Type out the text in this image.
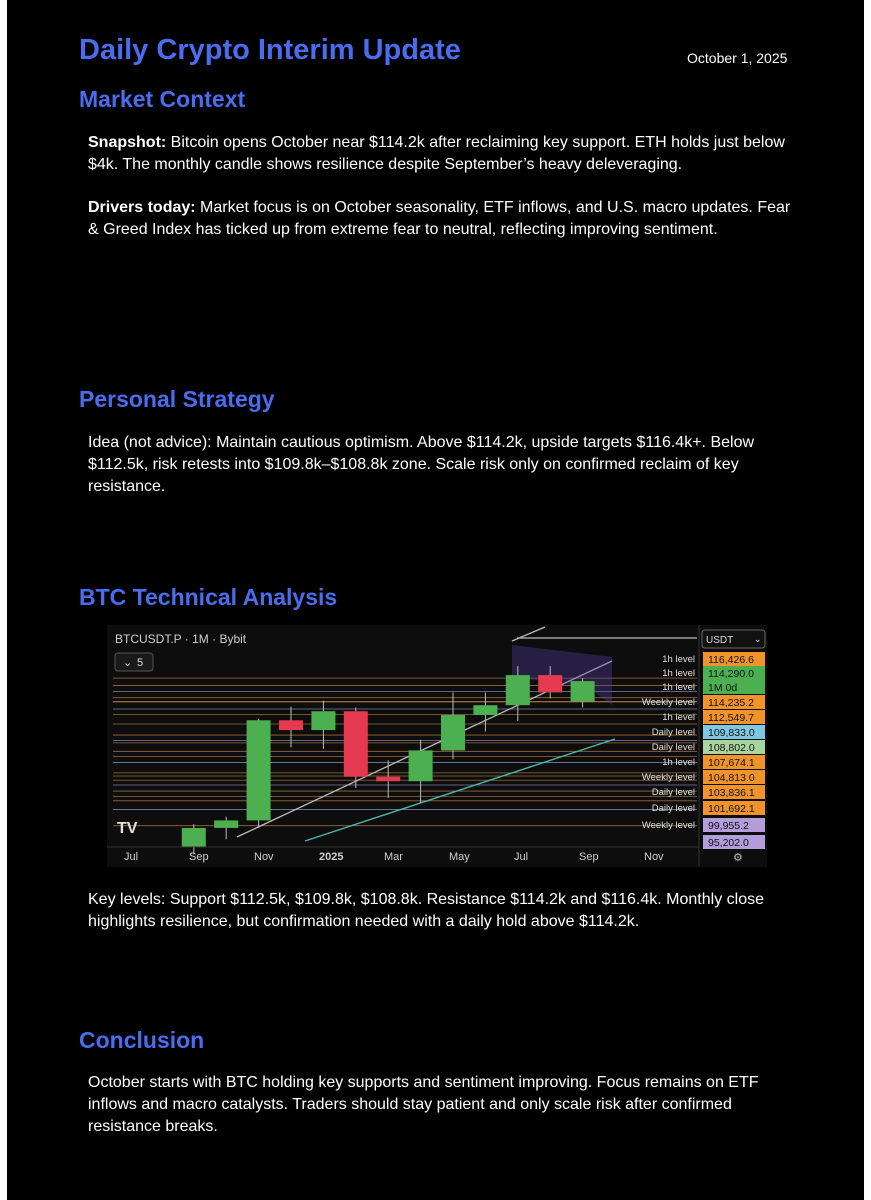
Daily Crypto Interim Update	October 1, 2025
Market Context

Snapshot: Bitcoin opens October near $114.2k after reclaiming key support. ETH holds just below $4k. The monthly candle shows resilience despite September’s heavy deleveraging.

Drivers today: Market focus is on October seasonality, ETF inflows, and U.S. macro updates. Fear & Greed Index has ticked up from extreme fear to neutral, reflecting improving sentiment.

Personal Strategy

Idea (not advice): Maintain cautious optimism. Above $114.2k, upside targets $116.4k+. Below $112.5k, risk retests into $109.8k–$108.8k zone. Scale risk only on confirmed reclaim of key resistance.

BTC Technical Analysis
BTCUSDT.P · 1M · Bybit
⌄ 5
TV
Jul	Sep	Nov	2025	Mar	May	Jul	Sep	Nov
USDT ⌄
1h level 116,426.6
1h level 114,290.0
1h level 1M 0d
Weekly level 114,235.2
1h level 112,549.7
Daily level 109,833.0
Daily level 108,802.0
1h level 107,674.1
Weekly level 104,813.0
Daily level 103,836.1
Daily level 101,692.1
Weekly level 99,955.2
95,202.0
⚙

Key levels: Support $112.5k, $109.8k, $108.8k. Resistance $114.2k and $116.4k. Monthly close highlights resilience, but confirmation needed with a daily hold above $114.2k.

Conclusion

October starts with BTC holding key supports and sentiment improving. Focus remains on ETF inflows and macro catalysts. Traders should stay patient and only scale risk after confirmed resistance breaks.
